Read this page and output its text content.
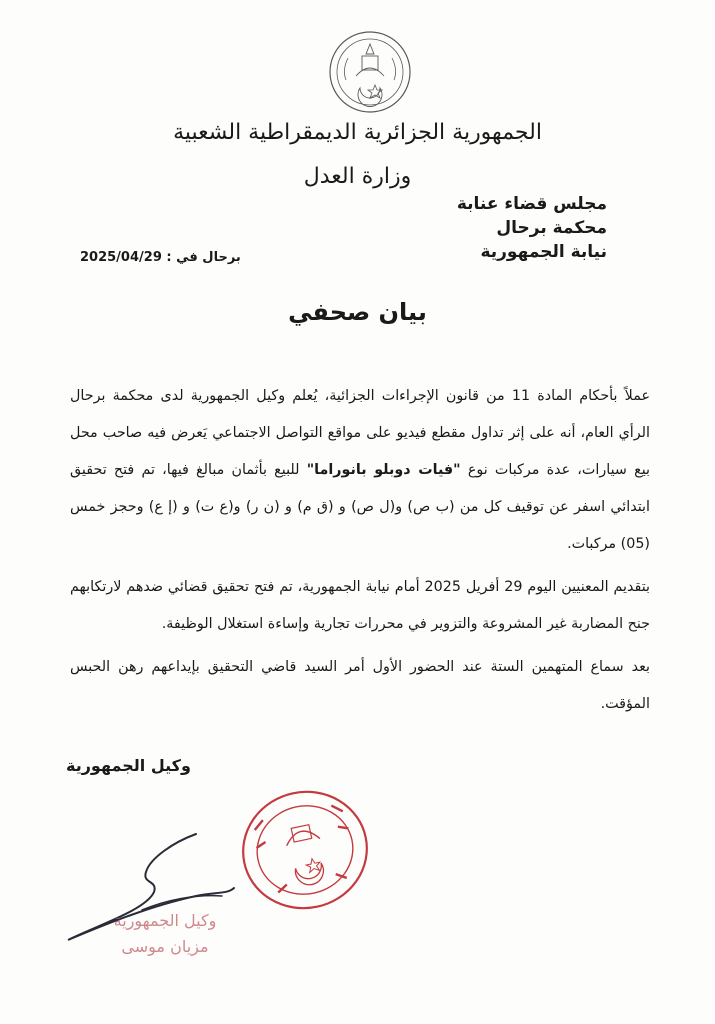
الجمهورية الجزائرية الديمقراطية الشعبية
وزارة العدل
مجلس قضاء عنابة
محكمة برحال
نيابة الجمهورية
برحال في : 2025/04/29
بيان صحفي

عملاً بأحكام المادة 11 من قانون الإجراءات الجزائية، يُعلم وكيل الجمهورية لدى محكمة برحال الرأي العام، أنه على إثر تداول مقطع فيديو على مواقع التواصل الاجتماعي يَعرض فيه صاحب محل بيع سيارات، عدة مركبات نوع "فيات دوبلو بانوراما" للبيع بأثمان مبالغ فيها، تم فتح تحقيق ابتدائي اسفر عن توقيف كل من (ب ص) و(ل ص) و (ق م) و (ن ر) و(ع ت) و (إ ع) وحجز خمس (05) مركبات.

بتقديم المعنيين اليوم 29 أفريل 2025 أمام نيابة الجمهورية، تم فتح تحقيق قضائي ضدهم لارتكابهم جنح المضاربة غير المشروعة والتزوير في محررات تجارية وإساءة استغلال الوظيفة.

بعد سماع المتهمين الستة عند الحضور الأول أمر السيد قاضي التحقيق بإيداعهم رهن الحبس المؤقت.

وكيل الجمهورية
وكيل الجمهورية
مزيان موسى
